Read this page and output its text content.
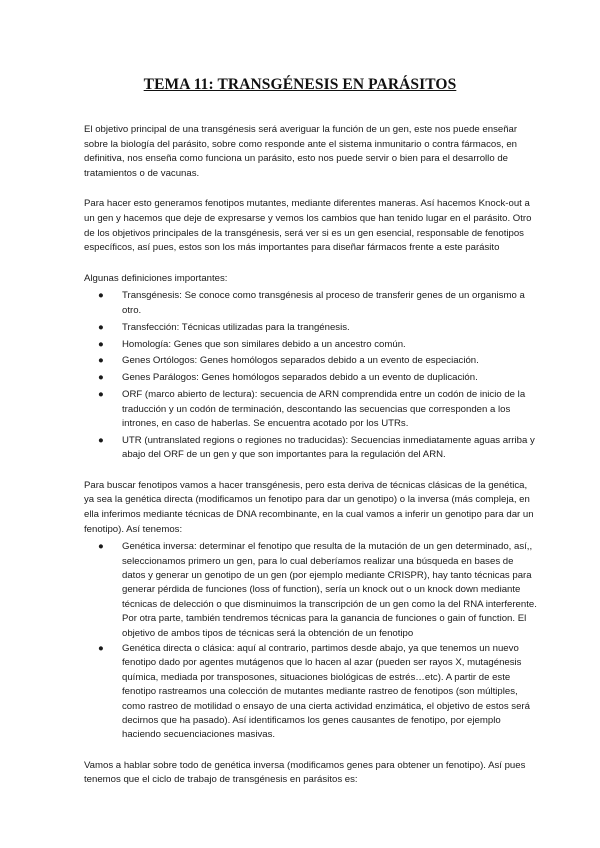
TEMA 11: TRANSGÉNESIS EN PARÁSITOS

El objetivo principal de una transgénesis será averiguar la función de un gen, este nos puede enseñar sobre la biología del parásito, sobre como responde ante el sistema inmunitario o contra fármacos, en definitiva, nos enseña como funciona un parásito, esto nos puede servir o bien para el desarrollo de tratamientos o de vacunas.

Para hacer esto generamos fenotipos mutantes, mediante diferentes maneras. Así hacemos Knock-out a un gen y hacemos que deje de expresarse y vemos los cambios que han tenido lugar en el parásito. Otro de los objetivos principales de la transgénesis, será ver si es un gen esencial, responsable de fenotipos específicos, así pues, estos son los más importantes para diseñar fármacos frente a este parásito

Algunas definiciones importantes:

● Transgénesis: Se conoce como transgénesis al proceso de transferir genes de un organismo a otro.
● Transfección: Técnicas utilizadas para la trangénesis.
● Homología: Genes que son similares debido a un ancestro común.
● Genes Ortólogos: Genes homólogos separados debido a un evento de especiación.
● Genes Parálogos: Genes homólogos separados debido a un evento de duplicación.
● ORF (marco abierto de lectura): secuencia de ARN comprendida entre un codón de inicio de la traducción y un codón de terminación, descontando las secuencias que corresponden a los intrones, en caso de haberlas. Se encuentra acotado por los UTRs.
● UTR (untranslated regions o regiones no traducidas): Secuencias inmediatamente aguas arriba y abajo del ORF de un gen y que son importantes para la regulación del ARN.

Para buscar fenotipos vamos a hacer transgénesis, pero esta deriva de técnicas clásicas de la genética, ya sea la genética directa (modificamos un fenotipo para dar un genotipo) o la inversa (más compleja, en ella inferimos mediante técnicas de DNA recombinante, en la cual vamos a inferir un genotipo para dar un fenotipo). Así tenemos:

● Genética inversa: determinar el fenotipo que resulta de la mutación de un gen determinado, así,, seleccionamos primero un gen, para lo cual deberíamos realizar una búsqueda en bases de datos y generar un genotipo de un gen (por ejemplo mediante CRISPR), hay tanto técnicas para generar pérdida de funciones (loss of function), sería un knock out o un knock down mediante técnicas de delección o que disminuimos la transcripción de un gen como la del RNA interferente. Por otra parte, también tendremos técnicas para la ganancia de funciones o gain of function. El objetivo de ambos tipos de técnicas será la obtención de un fenotipo
● Genética directa o clásica: aquí al contrario, partimos desde abajo, ya que tenemos un nuevo fenotipo dado por agentes mutágenos que lo hacen al azar (pueden ser rayos X, mutagénesis química, mediada por transposones, situaciones biológicas de estrés…etc). A partir de este fenotipo rastreamos una colección de mutantes mediante rastreo de fenotipos (son múltiples, como rastreo de motilidad o ensayo de una cierta actividad enzimática, el objetivo de estos será decirnos que ha pasado). Así identificamos los genes causantes de fenotipo, por ejemplo haciendo secuenciaciones masivas.

Vamos a hablar sobre todo de genética inversa (modificamos genes para obtener un fenotipo). Así pues tenemos que el ciclo de trabajo de transgénesis en parásitos es:
